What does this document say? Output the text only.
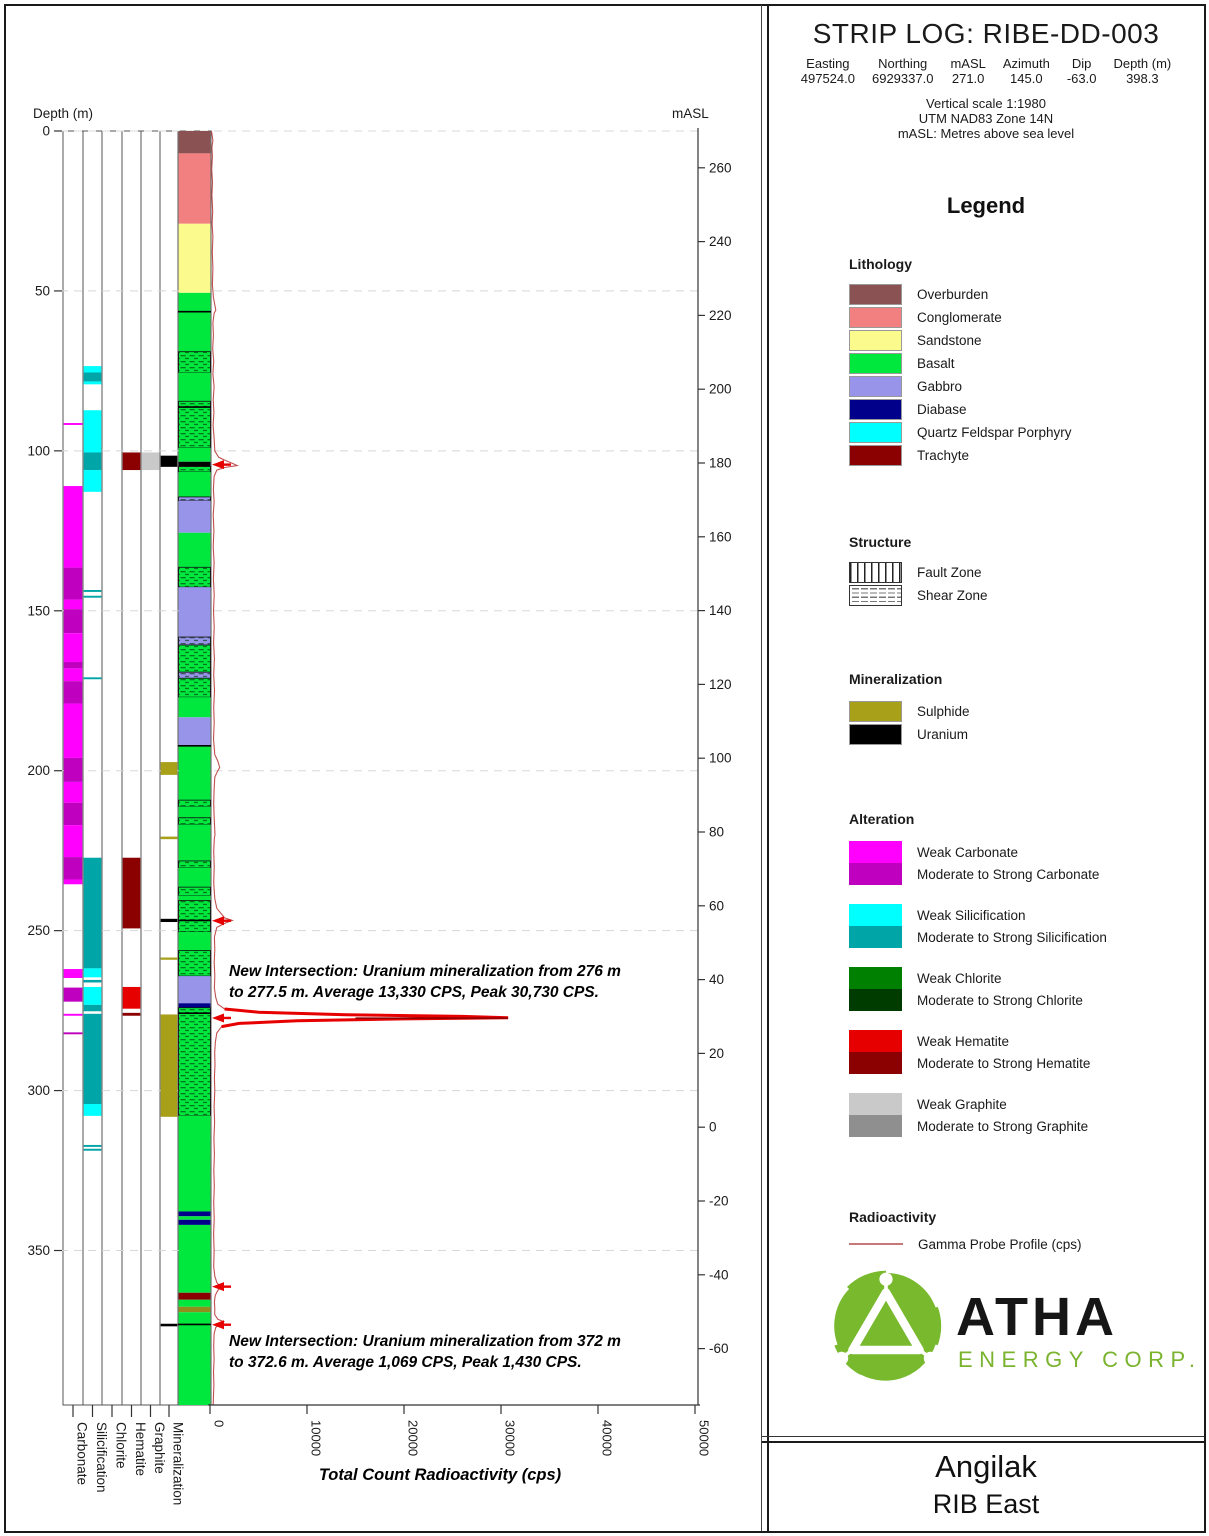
Depth (m)	mASL
0
50
100
150
200
250
300
350
260
240
220
200
180
160
140
120
100
80
60
40
20
0
-20
-40
-60
0	10000	20000	30000	40000	50000
Carbonate Silicification Chlorite Hematite Graphite Mineralization
New Intersection: Uranium mineralization from 276 m
to 277.5 m. Average 13,330 CPS, Peak 30,730 CPS.
New Intersection: Uranium mineralization from 372 m
to 372.6 m. Average 1,069 CPS, Peak 1,430 CPS.
Total Count Radioactivity (cps)
STRIP LOG: RIBE-DD-003
Easting
497524.0
Northing
6929337.0
mASL
271.0
Azimuth
145.0
Dip
-63.0
Depth (m)
398.3
Vertical scale 1:1980
UTM NAD83 Zone 14N
mASL: Metres above sea level
Legend
Lithology
Overburden
Conglomerate
Sandstone
Basalt
Gabbro
Diabase
Quartz Feldspar Porphyry
Trachyte
Structure
Fault Zone
Shear Zone
Mineralization
Sulphide
Uranium
Alteration
Weak Carbonate
Moderate to Strong Carbonate
Weak Silicification
Moderate to Strong Silicification
Weak Chlorite
Moderate to Strong Chlorite
Weak Hematite
Moderate to Strong Hematite
Weak Graphite
Moderate to Strong Graphite
Radioactivity
Gamma Probe Profile (cps)
ATHA
ENERGY CORP.
Angilak
RIB East
